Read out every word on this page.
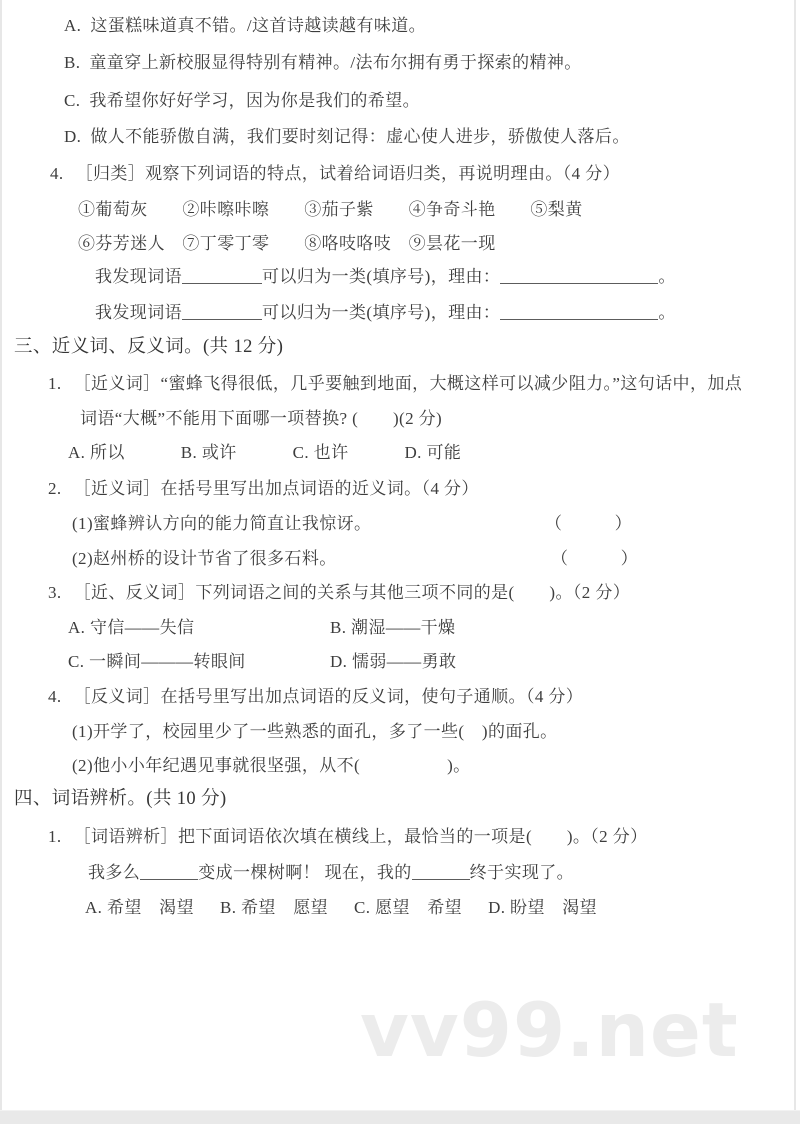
vv99.net
A. 这蛋糕味道真不错。/这首诗越读越有味道。
B. 童童穿上新校服显得特别有精神。/法布尔拥有勇于探索的精神。
C. 我希望你好好学习，因为你是我们的希望。
D. 做人不能骄傲自满，我们要时刻记得：虚心使人进步，骄傲使人落后。
4. ［归类］观察下列词语的特点，试着给词语归类，再说明理由。（4 分）
①葡萄灰　　②咔嚓咔嚓　　③茄子紫　　④争奇斗艳　　⑤梨黄
⑥芬芳迷人　⑦丁零丁零　　⑧咯吱咯吱　⑨昙花一现
我发现词语	可以归为一类(填序号)，理由：	。
我发现词语	可以归为一类(填序号)，理由：	。
三、近义词、反义词。(共 12 分)
1. ［近义词］“蜜蜂飞得很低，几乎要触到地面，大概这样可以减少阻力。”这句话中，加点
词语“大概”不能用下面哪一项替换? (　　)(2 分)
A. 所以	B. 或许	C. 也许	D. 可能
2. ［近义词］在括号里写出加点词语的近义词。（4 分）
(1)蜜蜂辨认方向的能力简直让我惊讶。	（　　　）
(2)赵州桥的设计节省了很多石料。	（　　　）
3. ［近、反义词］下列词语之间的关系与其他三项不同的是(　　)。（2 分）
A. 守信——失信	B. 潮湿——干燥
C. 一瞬间———转眼间	D. 懦弱——勇敢
4. ［反义词］在括号里写出加点词语的反义词，使句子通顺。（4 分）
(1)开学了，校园里少了一些熟悉的面孔，多了一些(　)的面孔。
(2)他小小年纪遇见事就很坚强，从不(　　　　　)。
四、词语辨析。(共 10 分)
1. ［词语辨析］把下面词语依次填在横线上，最恰当的一项是(　　)。（2 分）
我多么	变成一棵树啊！ 现在，我的	终于实现了。
A. 希望　渴望 B. 希望　愿望 C. 愿望　希望 D. 盼望　渴望
